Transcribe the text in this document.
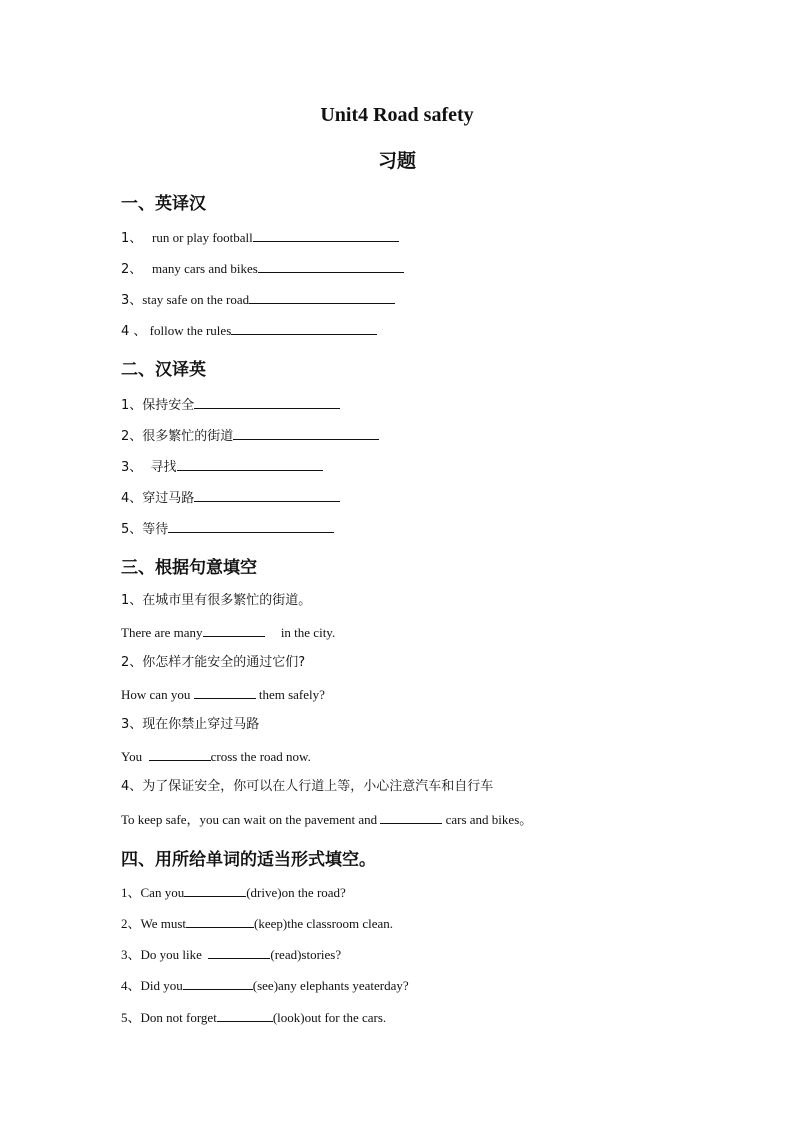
Unit4 Road safety
习题
一、英译汉

1、 run or play football

2、 many cars and bikes

3、stay safe on the road

4 、 follow the rules

二、汉译英

1、保持安全

2、很多繁忙的街道

3、 寻找

4、穿过马路

5、等待

三、根据句意填空

1、在城市里有很多繁忙的街道。

There are many	in the city.

2、你怎样才能安全的通过它们?

How can you	them safely?

3、现在你禁止穿过马路

You	cross the road now.

4、为了保证安全，你可以在人行道上等，小心注意汽车和自行车

To keep safe，you can wait on the pavement and	cars and bikes。

四、用所给单词的适当形式填空。

1、Can you	(drive)on the road?

2、We must	(keep)the classroom clean.

3、Do you like	(read)stories?

4、Did you	(see)any elephants yeaterday?

5、Don not forget	(look)out for the cars.
